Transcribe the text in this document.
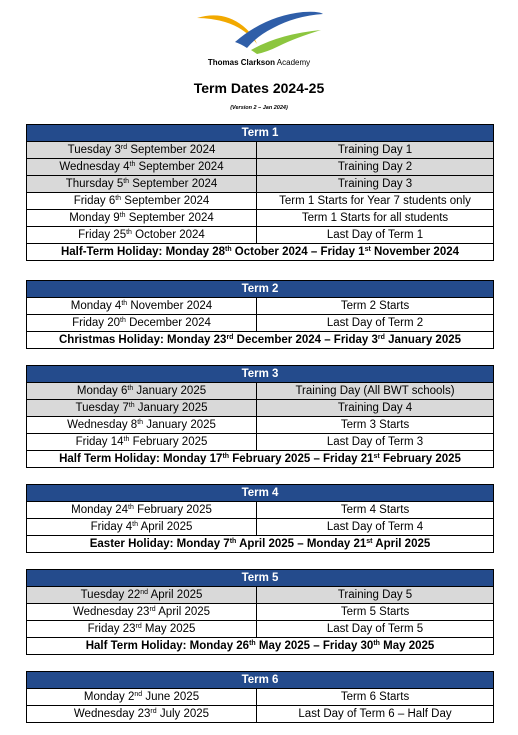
Thomas Clarkson Academy
Term Dates 2024-25
(Version 2 – Jan 2024)
Term 1	
Tuesday 3rd September 2024	Training Day 1
Wednesday 4th September 2024	Training Day 2
Thursday 5th September 2024	Training Day 3
Friday 6th September 2024	Term 1 Starts for Year 7 students only
Monday 9th September 2024	Term 1 Starts for all students
Friday 25th October 2024	Last Day of Term 1
Half-Term Holiday: Monday 28th October 2024 – Friday 1st November 2024	
Term 2	
Monday 4th November 2024	Term 2 Starts
Friday 20th December 2024	Last Day of Term 2
Christmas Holiday: Monday 23rd December 2024 – Friday 3rd January 2025	
Term 3	
Monday 6th January 2025	Training Day (All BWT schools)
Tuesday 7th January 2025	Training Day 4
Wednesday 8th January 2025	Term 3 Starts
Friday 14th February 2025	Last Day of Term 3
Half Term Holiday: Monday 17th February 2025 – Friday 21st February 2025	
Term 4	
Monday 24th February 2025	Term 4 Starts
Friday 4th April 2025	Last Day of Term 4
Easter Holiday: Monday 7th April 2025 – Monday 21st April 2025	
Term 5	
Tuesday 22nd April 2025	Training Day 5
Wednesday 23rd April 2025	Term 5 Starts
Friday 23rd May 2025	Last Day of Term 5
Half Term Holiday: Monday 26th May 2025 – Friday 30th May 2025	
Term 6	
Monday 2nd June 2025	Term 6 Starts
Wednesday 23rd July 2025	Last Day of Term 6 – Half Day
